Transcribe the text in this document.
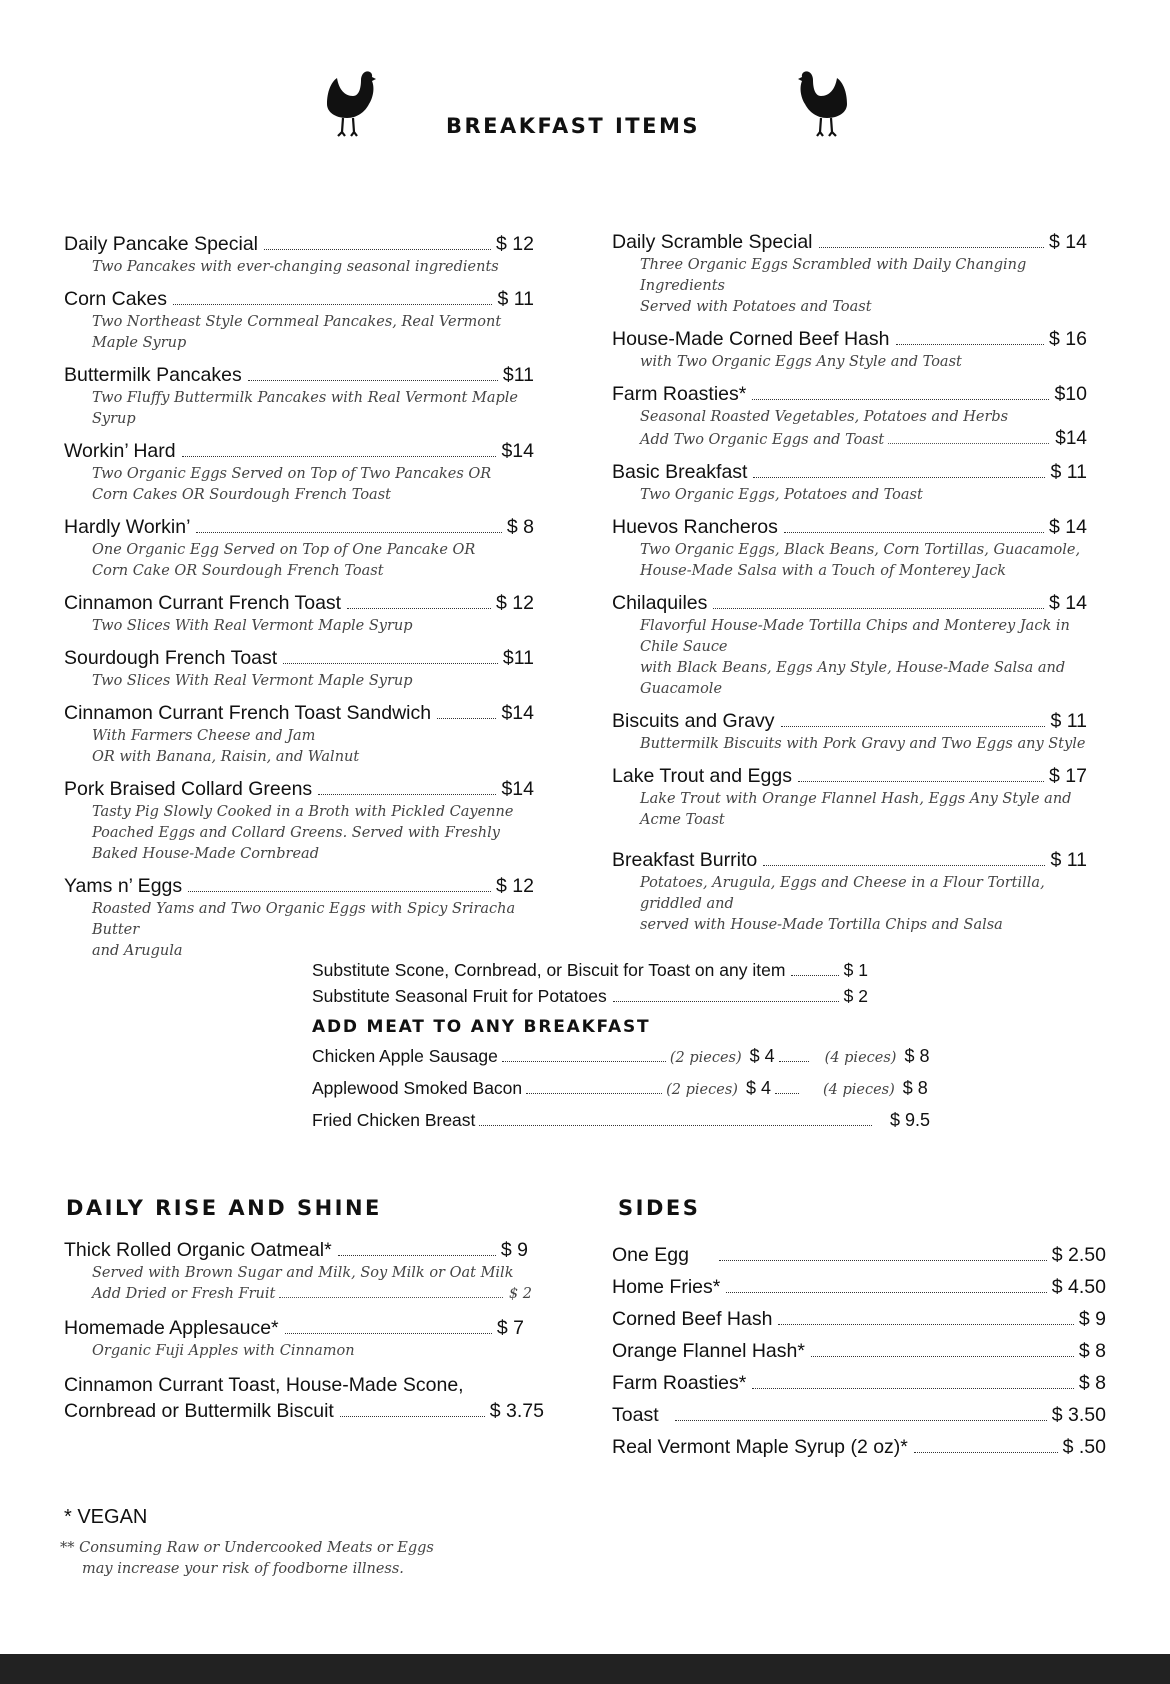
BREAKFAST ITEMS
Daily Pancake Special	$ 12
Two Pancakes with ever-changing seasonal ingredients
Corn Cakes	$ 11
Two Northeast Style Cornmeal Pancakes, Real Vermont Maple Syrup
Buttermilk Pancakes	$11
Two Fluffy Buttermilk Pancakes with Real Vermont Maple Syrup
Workin’ Hard	$14
Two Organic Eggs Served on Top of Two Pancakes OR
Corn Cakes OR Sourdough French Toast
Hardly Workin’	$ 8
One Organic Egg Served on Top of One Pancake OR
Corn Cake OR Sourdough French Toast
Cinnamon Currant French Toast	$ 12
Two Slices With Real Vermont Maple Syrup
Sourdough French Toast	$11
Two Slices With Real Vermont Maple Syrup
Cinnamon Currant French Toast Sandwich	$14
With Farmers Cheese and Jam
OR with Banana, Raisin, and Walnut
Pork Braised Collard Greens	$14
Tasty Pig Slowly Cooked in a Broth with Pickled Cayenne
Poached Eggs and Collard Greens. Served with Freshly
Baked House-Made Cornbread
Yams n’ Eggs	$ 12
Roasted Yams and Two Organic Eggs with Spicy Sriracha Butter
and Arugula
Daily Scramble Special	$ 14
Three Organic Eggs Scrambled with Daily Changing Ingredients
Served with Potatoes and Toast
House-Made Corned Beef Hash	$ 16
with Two Organic Eggs Any Style and Toast
Farm Roasties*	$10
Seasonal Roasted Vegetables, Potatoes and Herbs
Add Two Organic Eggs and Toast	$14
Basic Breakfast	$ 11
Two Organic Eggs, Potatoes and Toast
Huevos Rancheros	$ 14
Two Organic Eggs, Black Beans, Corn Tortillas, Guacamole,
House-Made Salsa with a Touch of Monterey Jack
Chilaquiles	$ 14
Flavorful House-Made Tortilla Chips and Monterey Jack in Chile Sauce
with Black Beans, Eggs Any Style, House-Made Salsa and Guacamole
Biscuits and Gravy	$ 11
Buttermilk Biscuits with Pork Gravy and Two Eggs any Style
Lake Trout and Eggs	$ 17
Lake Trout with Orange Flannel Hash, Eggs Any Style and Acme Toast
Breakfast Burrito	$ 11
Potatoes, Arugula, Eggs and Cheese in a Flour Tortilla, griddled and
served with House-Made Tortilla Chips and Salsa
Substitute Scone, Cornbread, or Biscuit for Toast on any item	$ 1
Substitute Seasonal Fruit for Potatoes	$ 2
ADD MEAT TO ANY BREAKFAST
Chicken Apple Sausage	(2 pieces) $ 4	(4 pieces) $ 8
Applewood Smoked Bacon	(2 pieces) $ 4	(4 pieces) $ 8
Fried Chicken Breast	$ 9.5
DAILY RISE AND SHINE
Thick Rolled Organic Oatmeal*	$ 9
Served with Brown Sugar and Milk, Soy Milk or Oat Milk
Add Dried or Fresh Fruit	$ 2
Homemade Applesauce*	$ 7
Organic Fuji Apples with Cinnamon
Cinnamon Currant Toast, House-Made Scone,
Cornbread or Buttermilk Biscuit	$ 3.75
SIDES
One Egg	$ 2.50
Home Fries*	$ 4.50
Corned Beef Hash	$ 9
Orange Flannel Hash*	$ 8
Farm Roasties*	$ 8
Toast	$ 3.50
Real Vermont Maple Syrup (2 oz)*	$ .50
* VEGAN
** Consuming Raw or Undercooked Meats or Eggs
may increase your risk of foodborne illness.
